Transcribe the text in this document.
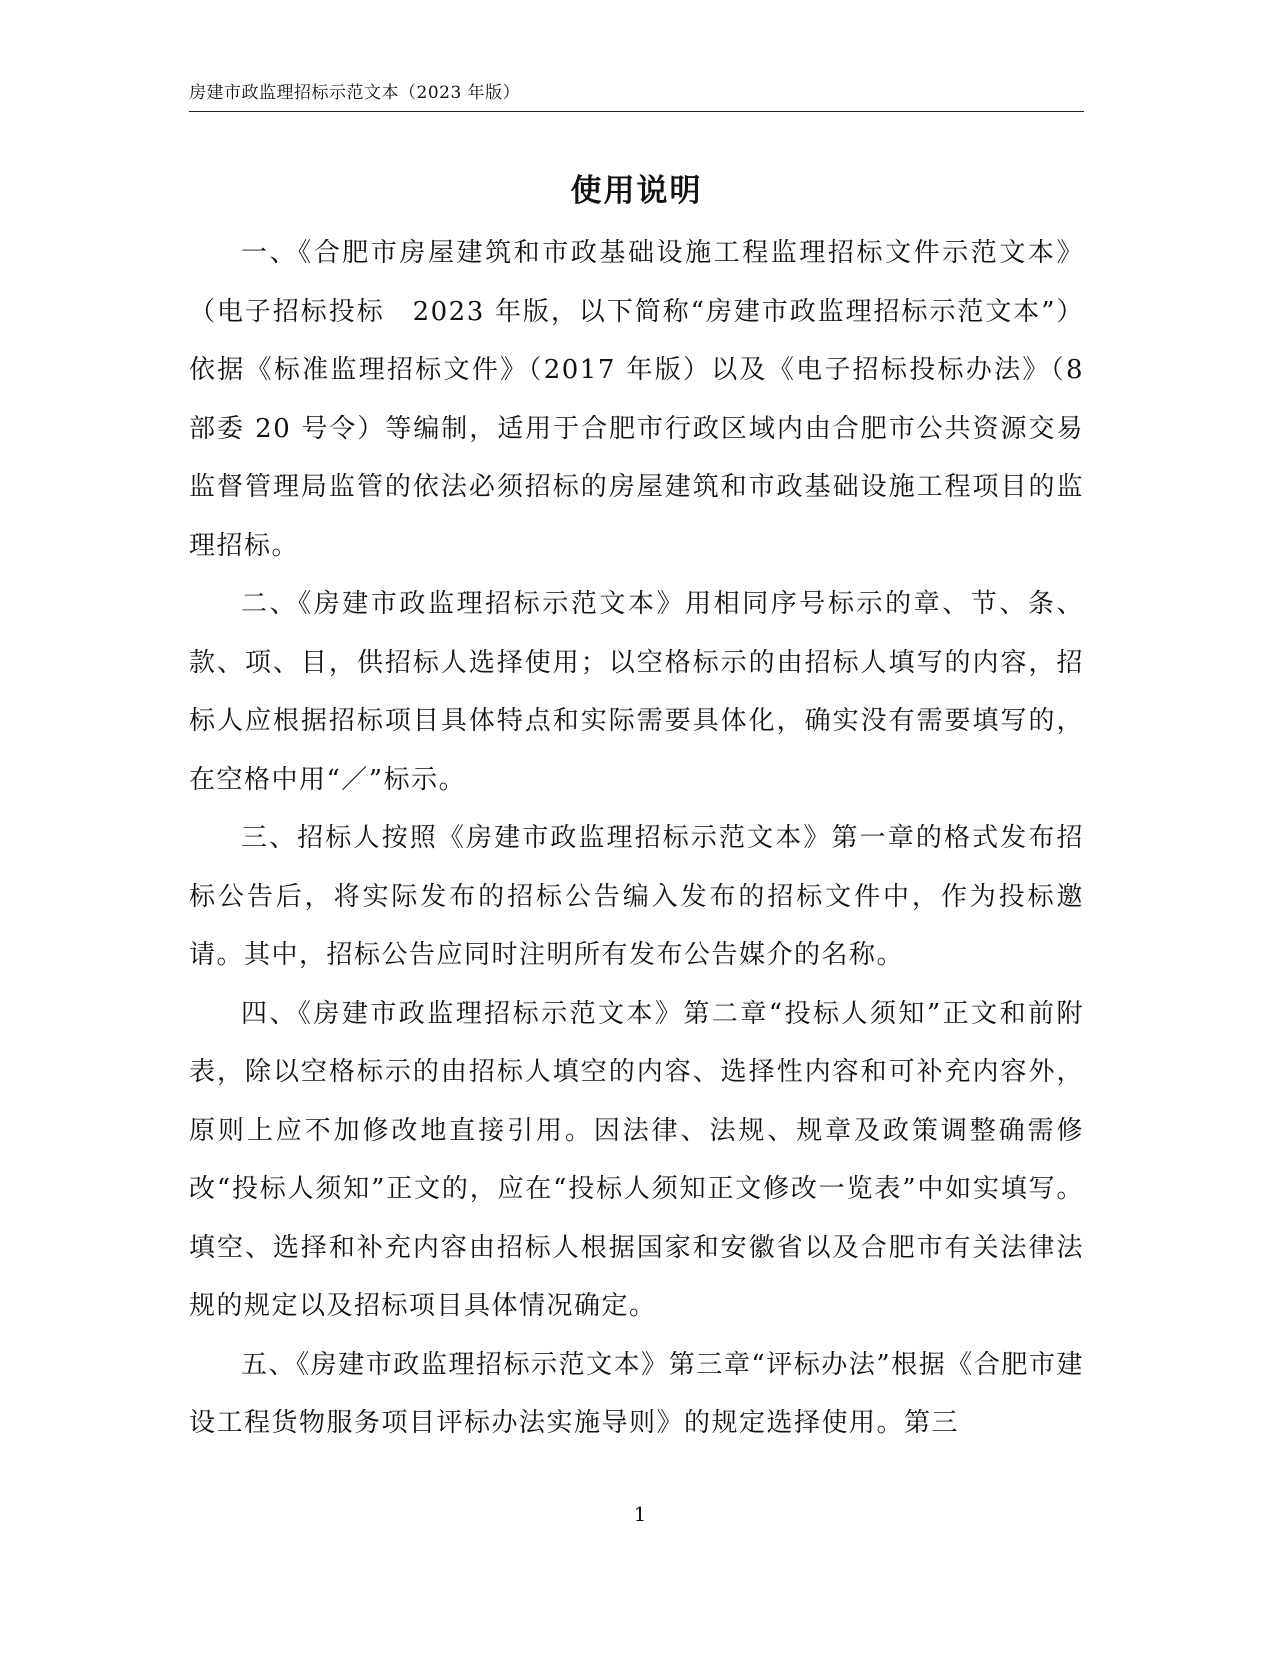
房建市政监理招标示范文本（2023 年版）
使用说明

一、《合肥市房屋建筑和市政基础设施工程监理招标文件示范文本》（电子招标投标　2023 年版，以下简称“房建市政监理招标示范文本”）依据《标准监理招标文件》（2017 年版）以及《电子招标投标办法》（8 部委 20 号令）等编制，适用于合肥市行政区域内由合肥市公共资源交易监督管理局监管的依法必须招标的房屋建筑和市政基础设施工程项目的监理招标。

二、《房建市政监理招标示范文本》用相同序号标示的章、节、条、款、项、目，供招标人选择使用；以空格标示的由招标人填写的内容，招标人应根据招标项目具体特点和实际需要具体化，确实没有需要填写的，在空格中用“／”标示。

三、招标人按照《房建市政监理招标示范文本》第一章的格式发布招标公告后，将实际发布的招标公告编入发布的招标文件中，作为投标邀请。其中，招标公告应同时注明所有发布公告媒介的名称。

四、《房建市政监理招标示范文本》第二章“投标人须知”正文和前附表，除以空格标示的由招标人填空的内容、选择性内容和可补充内容外，原则上应不加修改地直接引用。因法律、法规、规章及政策调整确需修改“投标人须知”正文的，应在“投标人须知正文修改一览表”中如实填写。填空、选择和补充内容由招标人根据国家和安徽省以及合肥市有关法律法规的规定以及招标项目具体情况确定。

五、《房建市政监理招标示范文本》第三章“评标办法”根据《合肥市建设工程货物服务项目评标办法实施导则》的规定选择使用。第三

1
